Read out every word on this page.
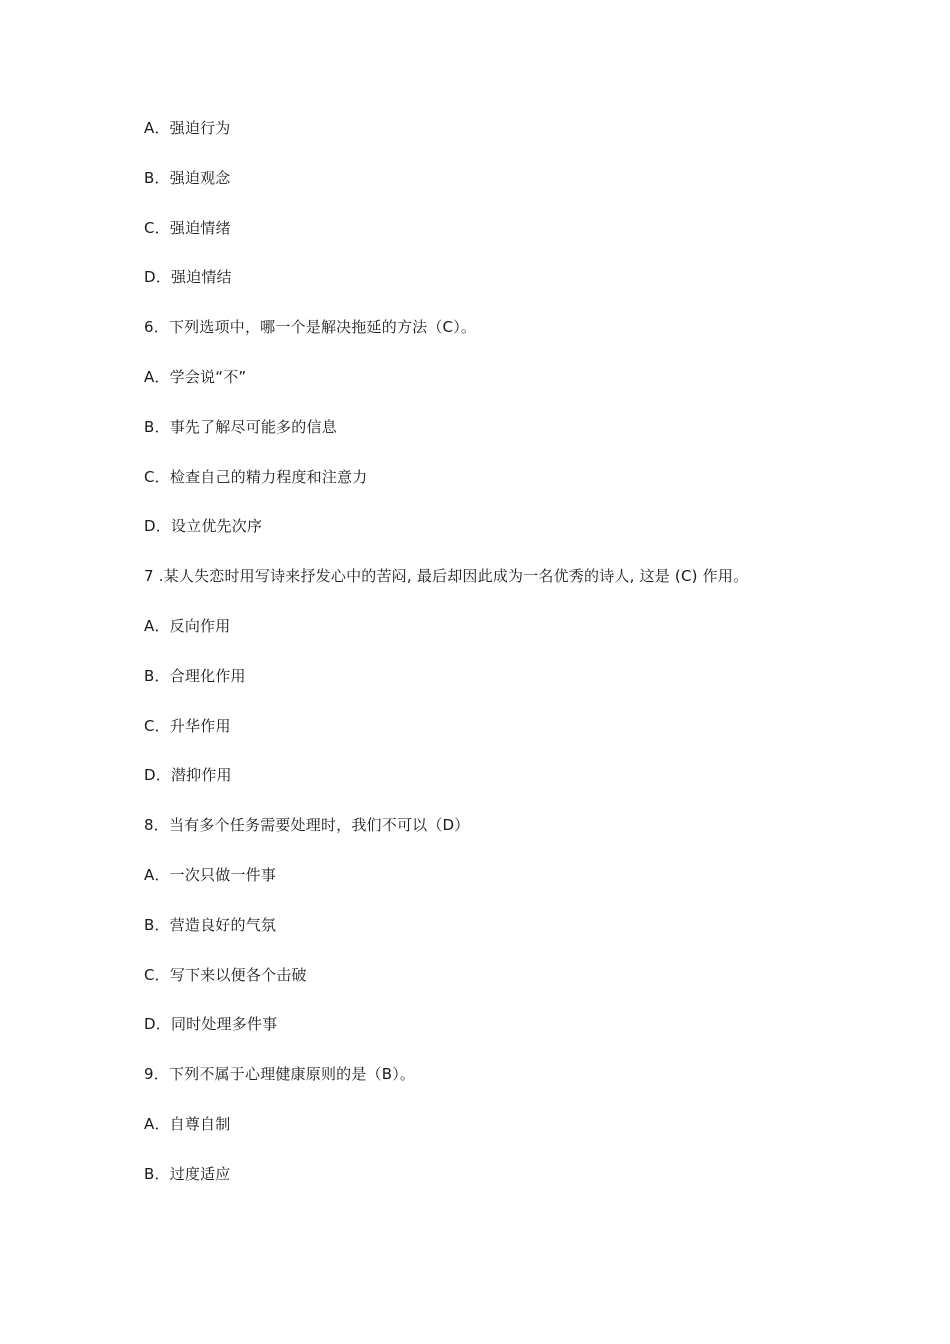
A．强迫行为
B．强迫观念
C．强迫情绪
D．强迫情结
6．下列选项中，哪一个是解决拖延的方法（C）。
A．学会说“不”
B．事先了解尽可能多的信息
C．检查自己的精力程度和注意力
D．设立优先次序
7 .某人失恋时用写诗来抒发心中的苦闷, 最后却因此成为一名优秀的诗人, 这是 (C) 作用。
A．反向作用
B．合理化作用
C．升华作用
D．潜抑作用
8．当有多个任务需要处理时，我们不可以（D）
A．一次只做一件事
B．营造良好的气氛
C．写下来以便各个击破
D．同时处理多件事
9．下列不属于心理健康原则的是（B）。
A．自尊自制
B．过度适应
